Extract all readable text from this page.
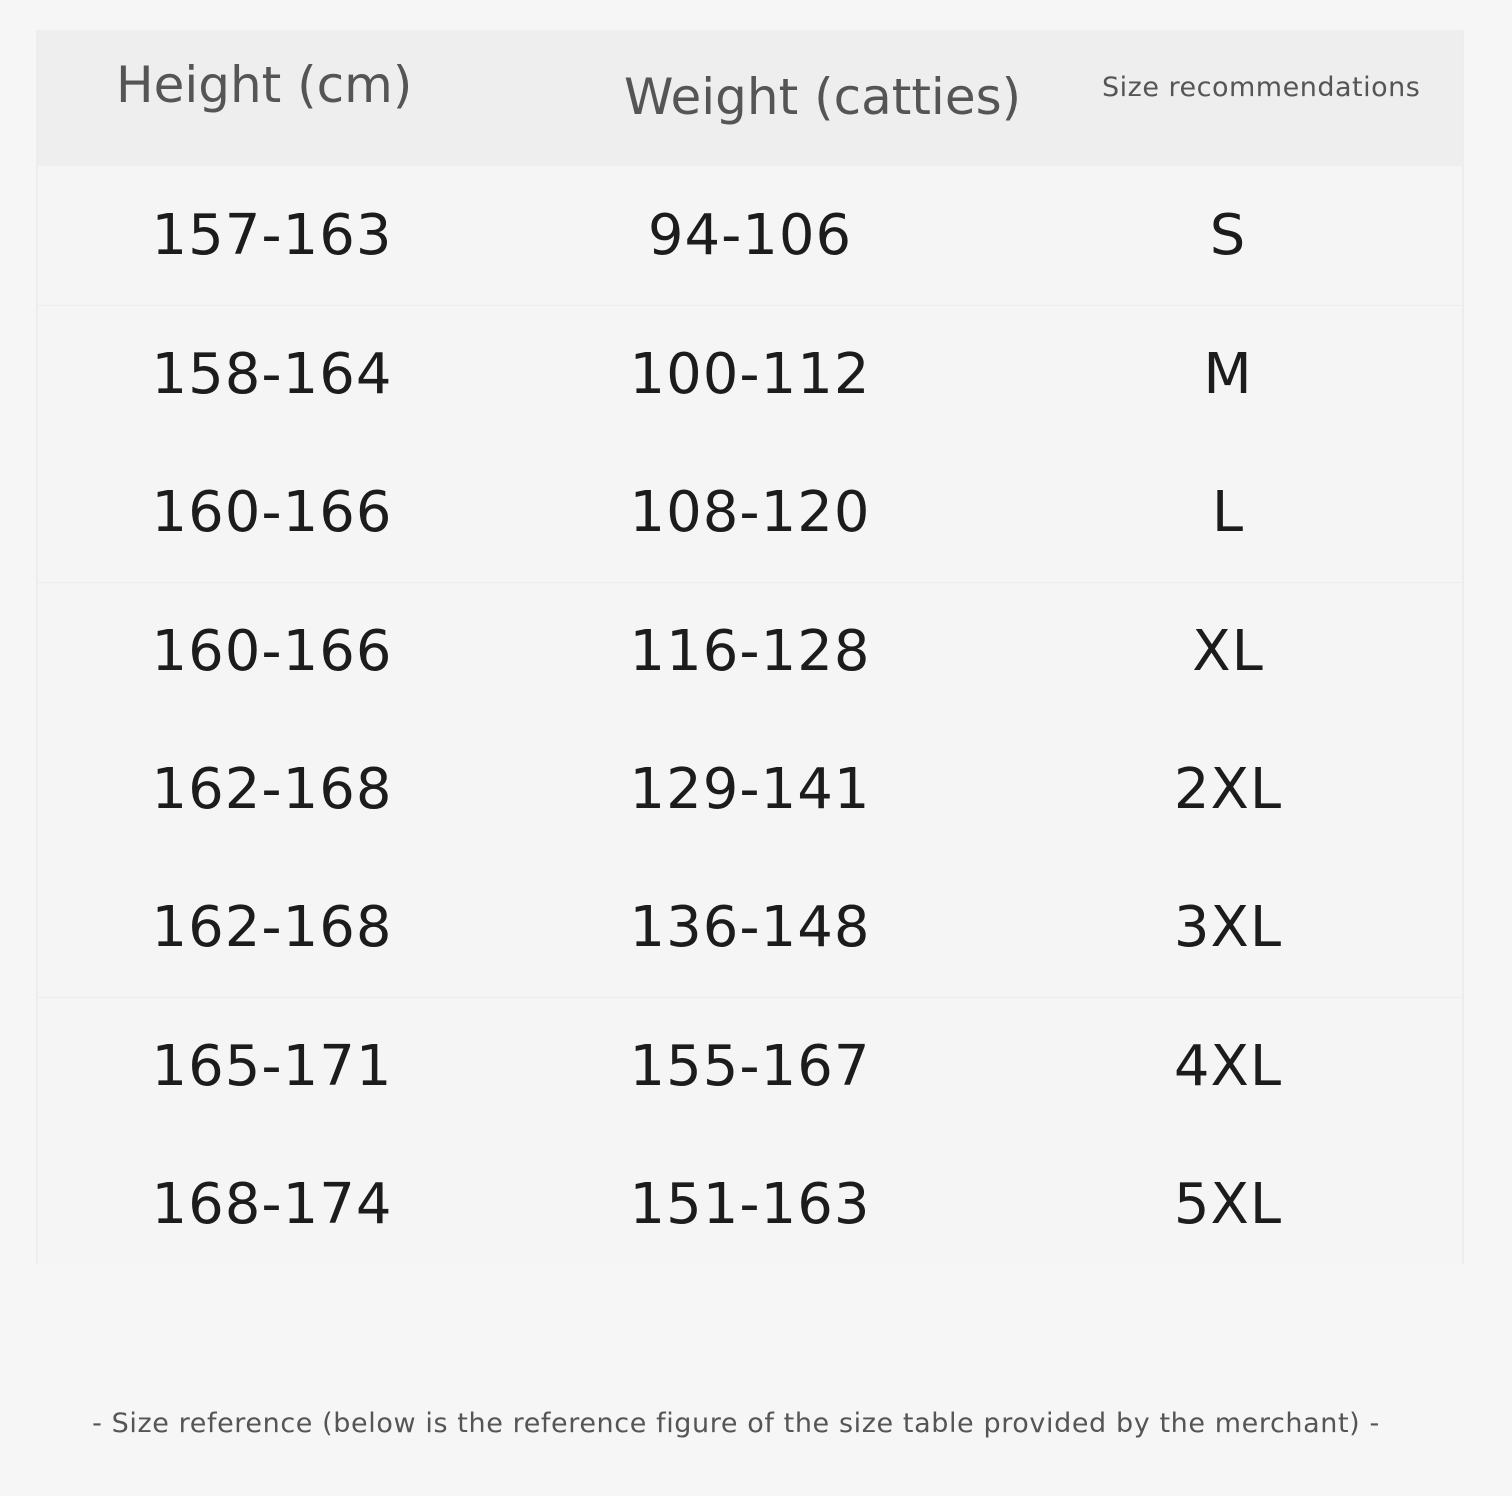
Height (cm)	Weight (catties)	Size recommendations
157-163	94-106	S
158-164	100-112	M
160-166	108-120	L
160-166	116-128	XL
162-168	129-141	2XL
162-168	136-148	3XL
165-171	155-167	4XL
168-174	151-163	5XL
- Size reference (below is the reference figure of the size table provided by the merchant) -
